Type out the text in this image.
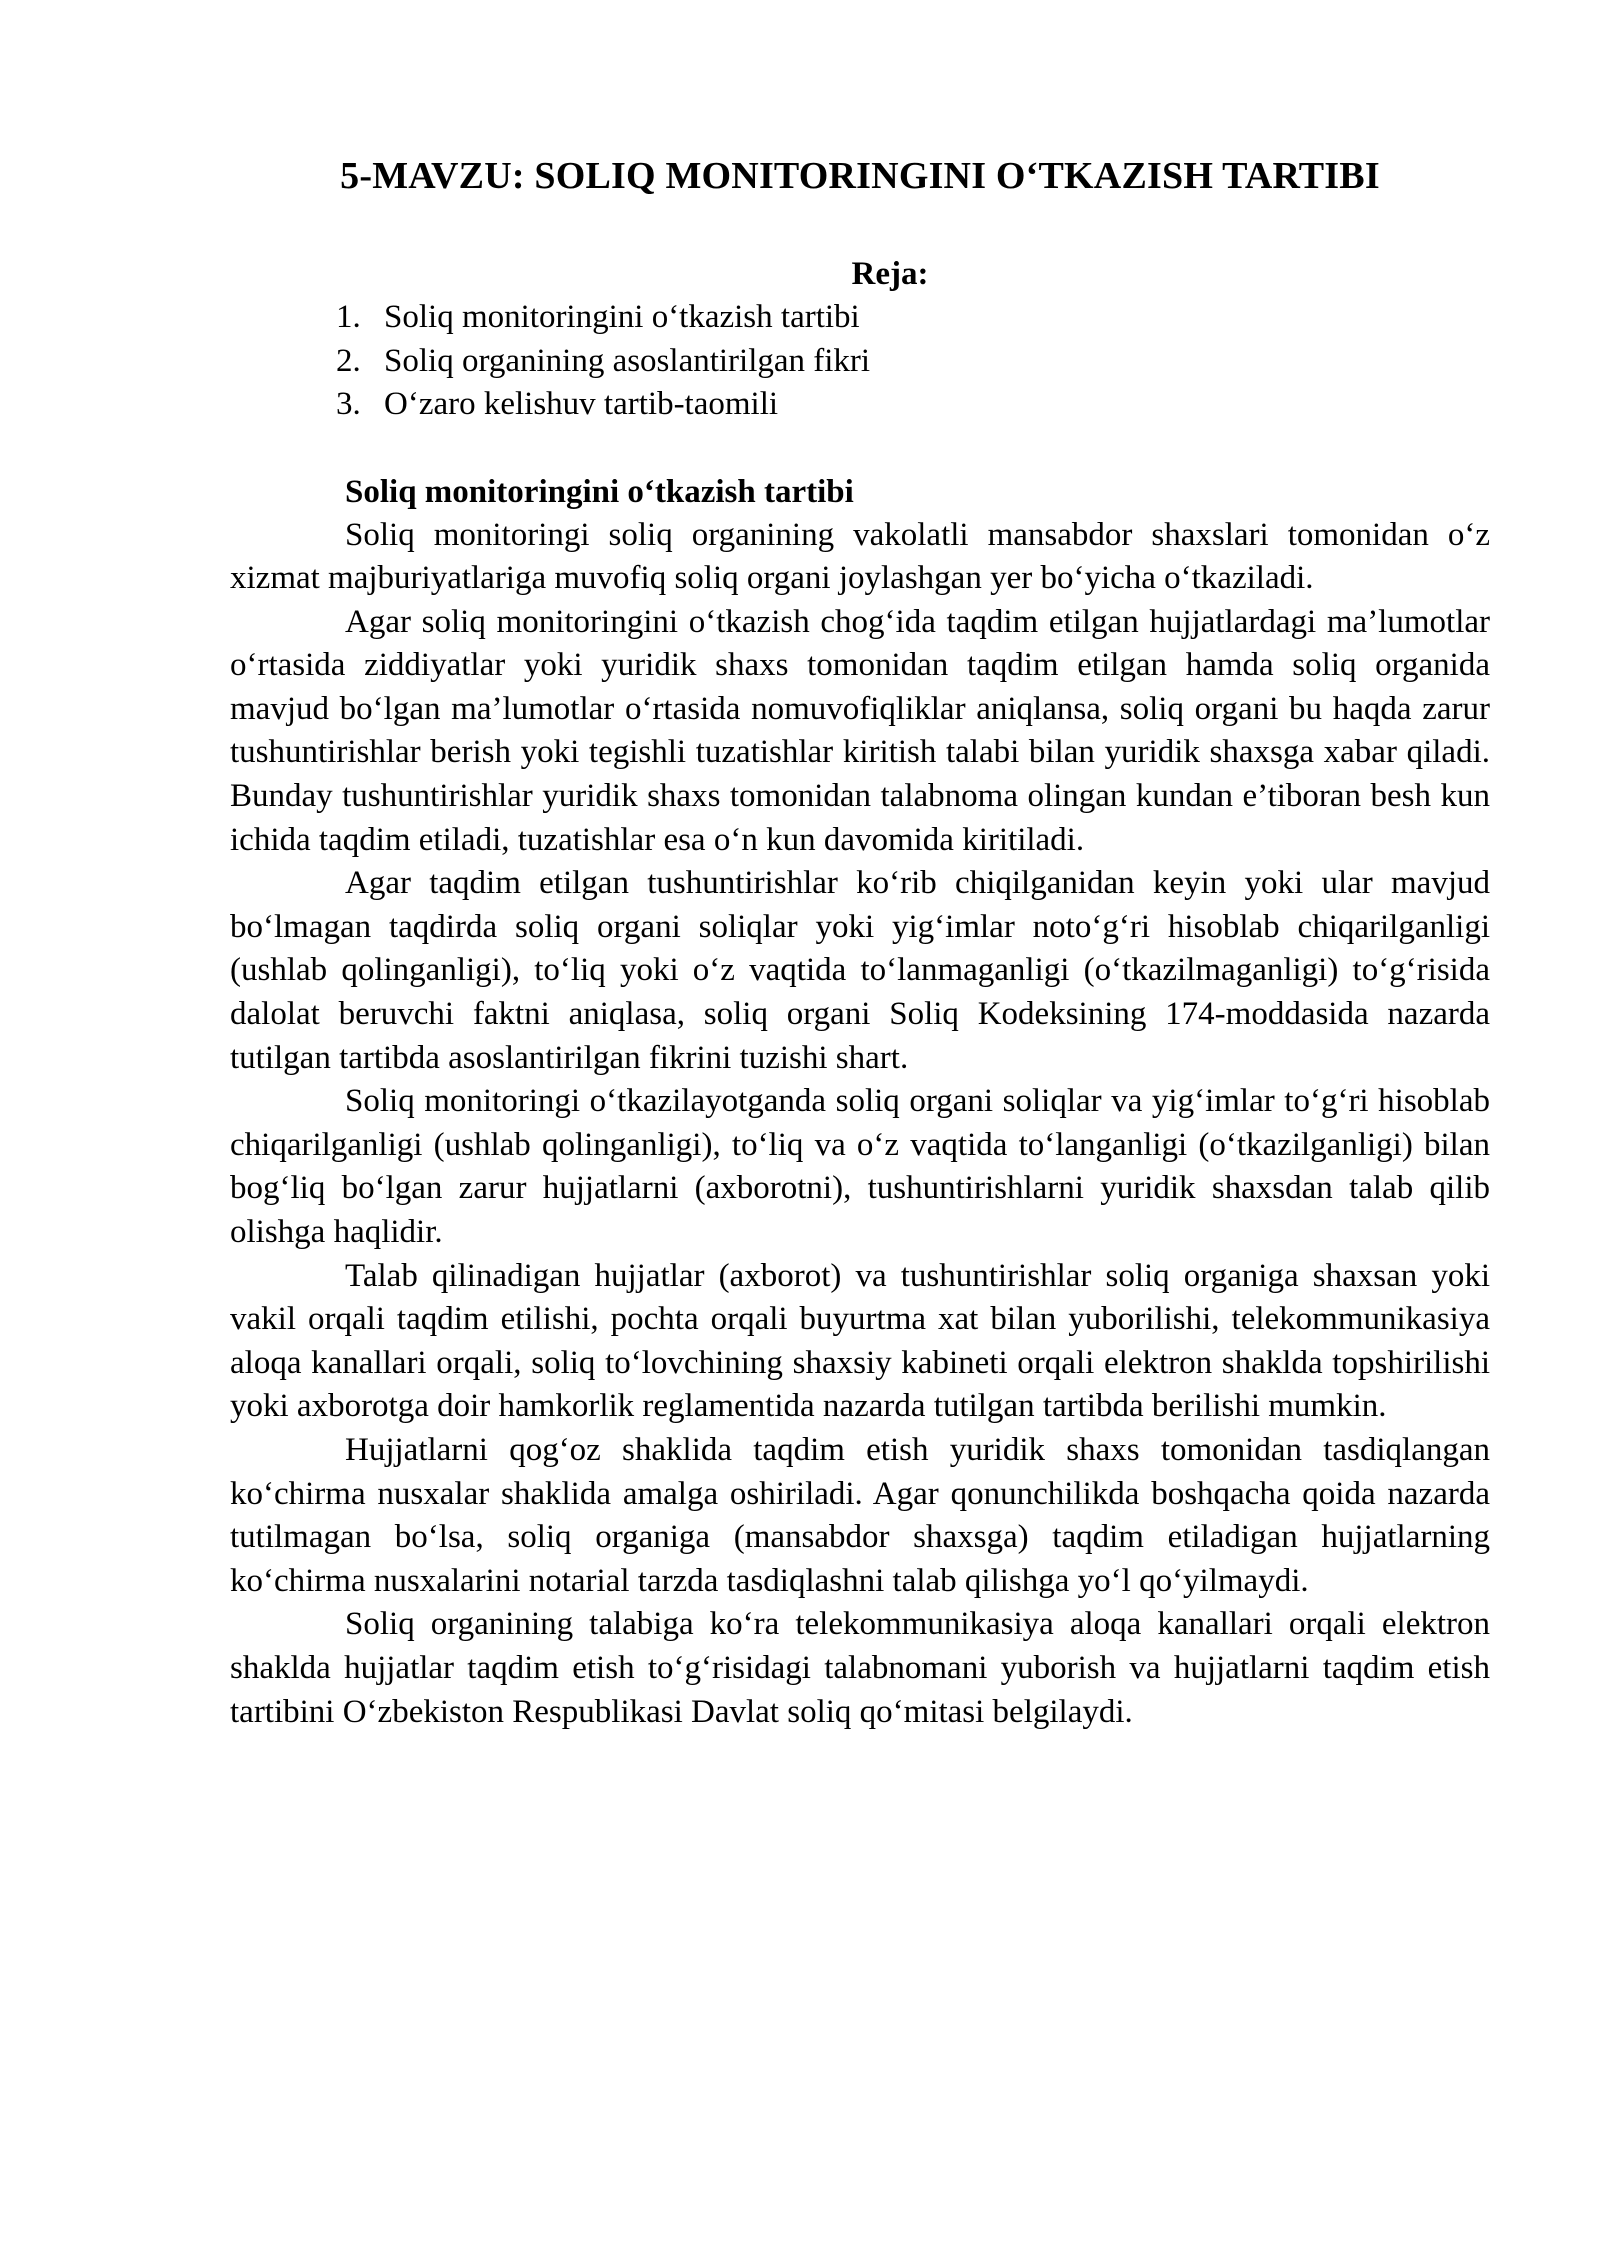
5-MAVZU: SOLIQ MONITORINGINI O‘TKAZISH TARTIBI

Reja:

1. Soliq monitoringini o‘tkazish tartibi
2. Soliq organining asoslantirilgan fikri
3. O‘zaro kelishuv tartib-taomili

Soliq monitoringini o‘tkazish tartibi

Soliq monitoringi soliq organining vakolatli mansabdor shaxslari tomonidan o‘z xizmat majburiyatlariga muvofiq soliq organi joylashgan yer bo‘yicha o‘tkaziladi.

Agar soliq monitoringini o‘tkazish chog‘ida taqdim etilgan hujjatlardagi ma’lumotlar o‘rtasida ziddiyatlar yoki yuridik shaxs tomonidan taqdim etilgan hamda soliq organida mavjud bo‘lgan ma’lumotlar o‘rtasida nomuvofiqliklar aniqlansa, soliq organi bu haqda zarur tushuntirishlar berish yoki tegishli tuzatishlar kiritish talabi bilan yuridik shaxsga xabar qiladi. Bunday tushuntirishlar yuridik shaxs tomonidan talabnoma olingan kundan e’tiboran besh kun ichida taqdim etiladi, tuzatishlar esa o‘n kun davomida kiritiladi.

Agar taqdim etilgan tushuntirishlar ko‘rib chiqilganidan keyin yoki ular mavjud bo‘lmagan taqdirda soliq organi soliqlar yoki yig‘imlar noto‘g‘ri hisoblab chiqarilganligi (ushlab qolinganligi), to‘liq yoki o‘z vaqtida to‘lanmaganligi (o‘tkazilmaganligi) to‘g‘risida dalolat beruvchi faktni aniqlasa, soliq organi Soliq Kodeksining 174-moddasida nazarda tutilgan tartibda asoslantirilgan fikrini tuzishi shart.

Soliq monitoringi o‘tkazilayotganda soliq organi soliqlar va yig‘imlar to‘g‘ri hisoblab chiqarilganligi (ushlab qolinganligi), to‘liq va o‘z vaqtida to‘langanligi (o‘tkazilganligi) bilan bog‘liq bo‘lgan zarur hujjatlarni (axborotni), tushuntirishlarni yuridik shaxsdan talab qilib olishga haqlidir.

Talab qilinadigan hujjatlar (axborot) va tushuntirishlar soliq organiga shaxsan yoki vakil orqali taqdim etilishi, pochta orqali buyurtma xat bilan yuborilishi, telekommunikasiya aloqa kanallari orqali, soliq to‘lovchining shaxsiy kabineti orqali elektron shaklda topshirilishi yoki axborotga doir hamkorlik reglamentida nazarda tutilgan tartibda berilishi mumkin.

Hujjatlarni qog‘oz shaklida taqdim etish yuridik shaxs tomonidan tasdiqlangan ko‘chirma nusxalar shaklida amalga oshiriladi. Agar qonunchilikda boshqacha qoida nazarda tutilmagan bo‘lsa, soliq organiga (mansabdor shaxsga) taqdim etiladigan hujjatlarning ko‘chirma nusxalarini notarial tarzda tasdiqlashni talab qilishga yo‘l qo‘yilmaydi.

Soliq organining talabiga ko‘ra telekommunikasiya aloqa kanallari orqali elektron shaklda hujjatlar taqdim etish to‘g‘risidagi talabnomani yuborish va hujjatlarni taqdim etish tartibini O‘zbekiston Respublikasi Davlat soliq qo‘mitasi belgilaydi.
